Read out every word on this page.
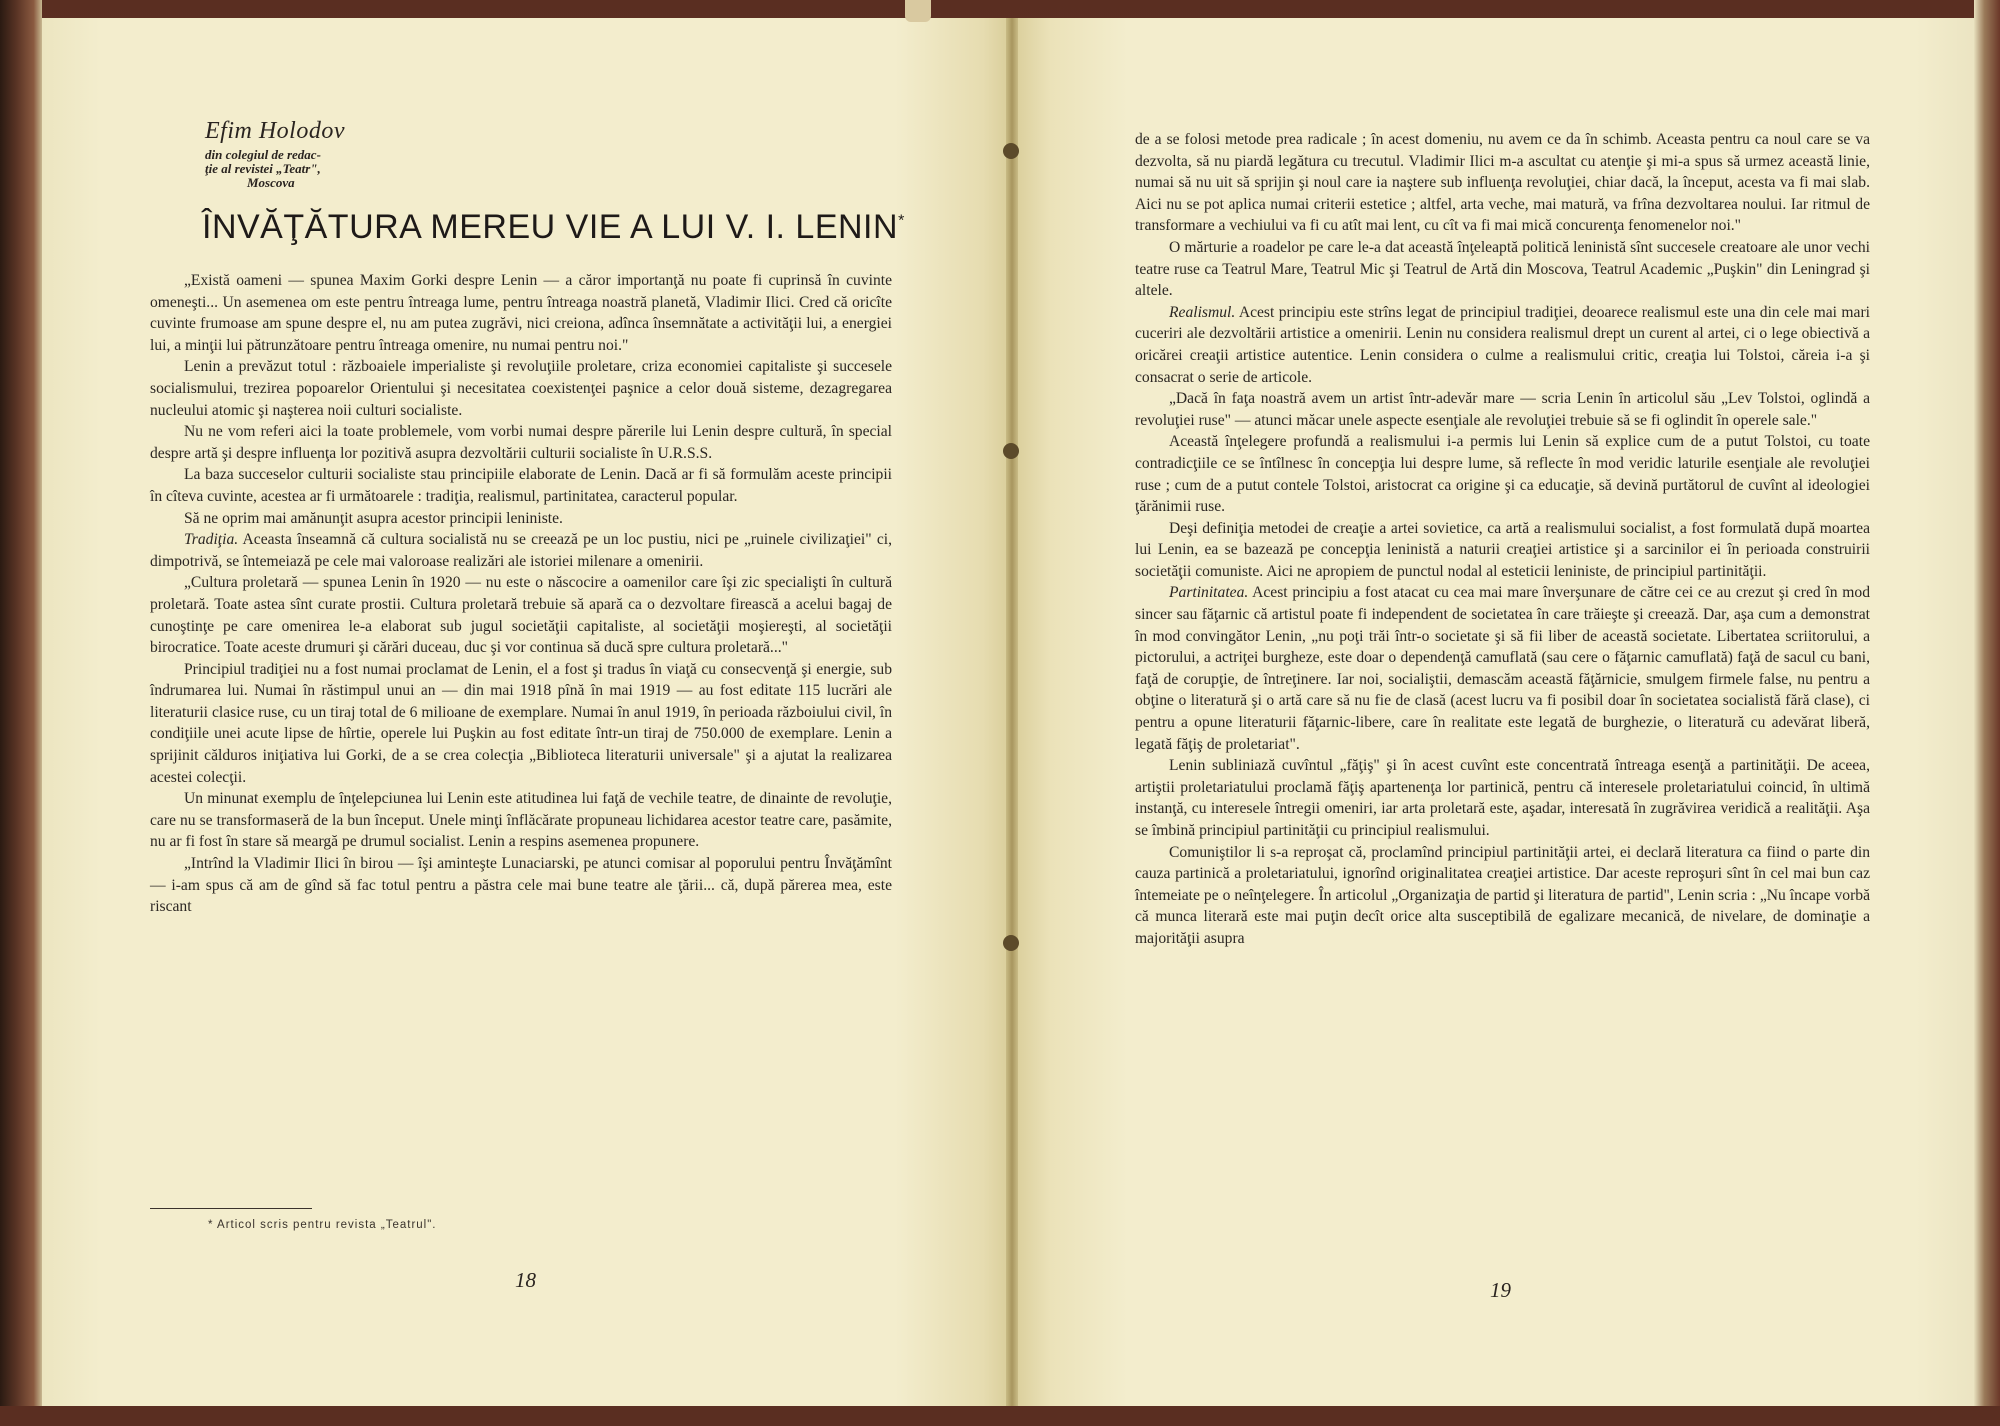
Efim Holodov
din colegiul de redac-
ţie al revistei „Teatr",
Moscova
ÎNVĂŢĂTURA MEREU VIE A LUI V. I. LENIN*

„Există oameni — spunea Maxim Gorki despre Lenin — a căror importanţă nu poate fi cuprinsă în cuvinte omeneşti... Un asemenea om este pentru întreaga lume, pentru întreaga noastră planetă, Vladimir Ilici. Cred că oricîte cuvinte frumoase am spune despre el, nu am putea zugrăvi, nici creiona, adînca însemnătate a activităţii lui, a energiei lui, a minţii lui pătrunzătoare pentru întreaga omenire, nu numai pentru noi."

Lenin a prevăzut totul : războaiele imperialiste şi revoluţiile proletare, criza economiei capitaliste şi succesele socialismului, trezirea popoarelor Orientului şi necesitatea coexistenţei paşnice a celor două sisteme, dezagregarea nucleului atomic şi naşterea noii culturi socialiste.

Nu ne vom referi aici la toate problemele, vom vorbi numai despre părerile lui Lenin despre cultură, în special despre artă şi despre influenţa lor pozitivă asupra dezvoltării culturii socialiste în U.R.S.S.

La baza succeselor culturii socialiste stau principiile elaborate de Lenin. Dacă ar fi să formulăm aceste principii în cîteva cuvinte, acestea ar fi următoarele : tradiţia, realismul, partinitatea, caracterul popular.

Să ne oprim mai amănunţit asupra acestor principii leniniste.

Tradiţia. Aceasta înseamnă că cultura socialistă nu se creează pe un loc pustiu, nici pe „ruinele civilizaţiei" ci, dimpotrivă, se întemeiază pe cele mai valoroase realizări ale istoriei milenare a omenirii.

„Cultura proletară — spunea Lenin în 1920 — nu este o născocire a oamenilor care îşi zic specialişti în cultură proletară. Toate astea sînt curate prostii. Cultura proletară trebuie să apară ca o dezvoltare firească a acelui bagaj de cunoştinţe pe care omenirea le-a elaborat sub jugul societăţii capitaliste, al societăţii moşiereşti, al societăţii birocratice. Toate aceste drumuri şi cărări duceau, duc şi vor continua să ducă spre cultura proletară..."

Principiul tradiţiei nu a fost numai proclamat de Lenin, el a fost şi tradus în viaţă cu consecvenţă şi energie, sub îndrumarea lui. Numai în răstimpul unui an — din mai 1918 pînă în mai 1919 — au fost editate 115 lucrări ale literaturii clasice ruse, cu un tiraj total de 6 milioane de exemplare. Numai în anul 1919, în perioada războiului civil, în condiţiile unei acute lipse de hîrtie, operele lui Puşkin au fost editate într-un tiraj de 750.000 de exemplare. Lenin a sprijinit călduros iniţiativa lui Gorki, de a se crea colecţia „Biblioteca literaturii universale" şi a ajutat la realizarea acestei colecţii.

Un minunat exemplu de înţelepciunea lui Lenin este atitudinea lui faţă de vechile teatre, de dinainte de revoluţie, care nu se transformaseră de la bun început. Unele minţi înflăcărate propuneau lichidarea acestor teatre care, pasămite, nu ar fi fost în stare să meargă pe drumul socialist. Lenin a respins asemenea propunere.

„Intrînd la Vladimir Ilici în birou — îşi aminteşte Lunaciarski, pe atunci comisar al poporului pentru Învăţămînt — i-am spus că am de gînd să fac totul pentru a păstra cele mai bune teatre ale ţării... că, după părerea mea, este riscant

* Articol scris pentru revista „Teatrul".
18

de a se folosi metode prea radicale ; în acest domeniu, nu avem ce da în schimb. Aceasta pentru ca noul care se va dezvolta, să nu piardă legătura cu trecutul. Vladimir Ilici m-a ascultat cu atenţie şi mi-a spus să urmez această linie, numai să nu uit să sprijin şi noul care ia naştere sub influenţa revoluţiei, chiar dacă, la început, acesta va fi mai slab. Aici nu se pot aplica numai criterii estetice ; altfel, arta veche, mai matură, va frîna dezvoltarea noului. Iar ritmul de transformare a vechiului va fi cu atît mai lent, cu cît va fi mai mică concurenţa fenomenelor noi."

O mărturie a roadelor pe care le-a dat această înţeleaptă politică leninistă sînt succesele creatoare ale unor vechi teatre ruse ca Teatrul Mare, Teatrul Mic şi Teatrul de Artă din Moscova, Teatrul Academic „Puşkin" din Leningrad şi altele.

Realismul. Acest principiu este strîns legat de principiul tradiţiei, deoarece realismul este una din cele mai mari cuceriri ale dezvoltării artistice a omenirii. Lenin nu considera realismul drept un curent al artei, ci o lege obiectivă a oricărei creaţii artistice autentice. Lenin considera o culme a realismului critic, creaţia lui Tolstoi, căreia i-a şi consacrat o serie de articole.

„Dacă în faţa noastră avem un artist într-adevăr mare — scria Lenin în articolul său „Lev Tolstoi, oglindă a revoluţiei ruse" — atunci măcar unele aspecte esenţiale ale revoluţiei trebuie să se fi oglindit în operele sale."

Această înţelegere profundă a realismului i-a permis lui Lenin să explice cum de a putut Tolstoi, cu toate contradicţiile ce se întîlnesc în concepţia lui despre lume, să reflecte în mod veridic laturile esenţiale ale revoluţiei ruse ; cum de a putut contele Tolstoi, aristocrat ca origine şi ca educaţie, să devină purtătorul de cuvînt al ideologiei ţărănimii ruse.

Deşi definiţia metodei de creaţie a artei sovietice, ca artă a realismului socialist, a fost formulată după moartea lui Lenin, ea se bazează pe concepţia leninistă a naturii creaţiei artistice şi a sarcinilor ei în perioada construirii societăţii comuniste. Aici ne apropiem de punctul nodal al esteticii leniniste, de principiul partinităţii.

Partinitatea. Acest principiu a fost atacat cu cea mai mare înverşunare de către cei ce au crezut şi cred în mod sincer sau făţarnic că artistul poate fi independent de societatea în care trăieşte şi creează. Dar, aşa cum a demonstrat în mod convingător Lenin, „nu poţi trăi într-o societate şi să fii liber de această societate. Libertatea scriitorului, a pictorului, a actriţei burgheze, este doar o dependenţă camuflată (sau cere o făţarnic camuflată) faţă de sacul cu bani, faţă de corupţie, de întreţinere. Iar noi, socialiştii, demascăm această făţărnicie, smulgem firmele false, nu pentru a obţine o literatură şi o artă care să nu fie de clasă (acest lucru va fi posibil doar în societatea socialistă fără clase), ci pentru a opune literaturii făţarnic-libere, care în realitate este legată de burghezie, o literatură cu adevărat liberă, legată făţiş de proletariat".

Lenin subliniază cuvîntul „făţiş" şi în acest cuvînt este concentrată întreaga esenţă a partinităţii. De aceea, artiştii proletariatului proclamă făţiş apartenenţa lor partinică, pentru că interesele proletariatului coincid, în ultimă instanţă, cu interesele întregii omeniri, iar arta proletară este, aşadar, interesată în zugrăvirea veridică a realităţii. Aşa se îmbină principiul partinităţii cu principiul realismului.

Comuniştilor li s-a reproşat că, proclamînd principiul partinităţii artei, ei declară literatura ca fiind o parte din cauza partinică a proletariatului, ignorînd originalitatea creaţiei artistice. Dar aceste reproşuri sînt în cel mai bun caz întemeiate pe o neînţelegere. În articolul „Organizaţia de partid şi literatura de partid", Lenin scria : „Nu încape vorbă că munca literară este mai puţin decît orice alta susceptibilă de egalizare mecanică, de nivelare, de dominaţie a majorităţii asupra

19
